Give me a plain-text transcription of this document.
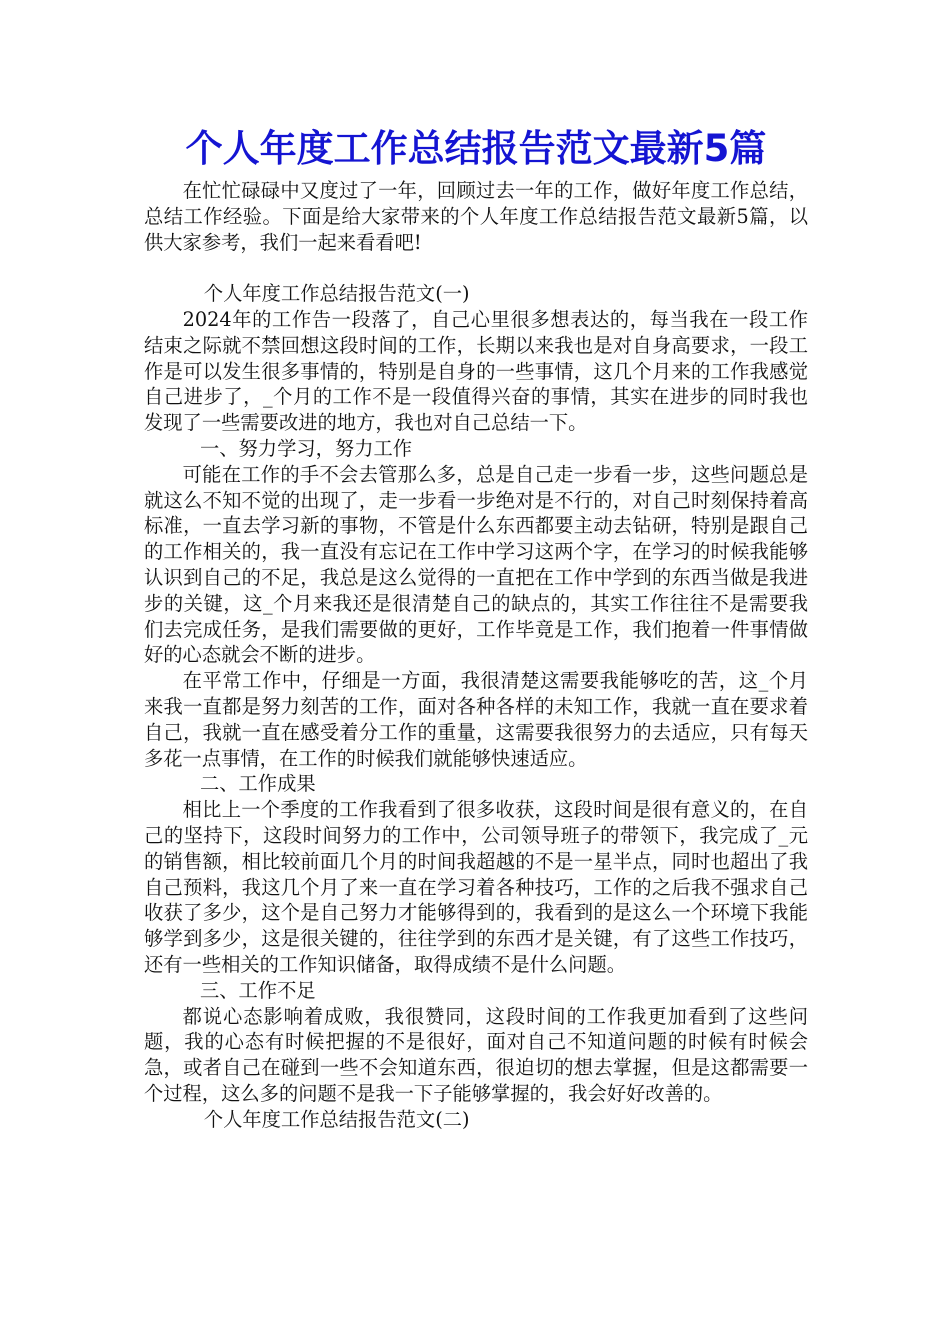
个人年度工作总结报告范文最新5篇

在忙忙碌碌中又度过了一年，回顾过去一年的工作，做好年度工作总结，总结工作经验。下面是给大家带来的个人年度工作总结报告范文最新5篇，以供大家参考，我们一起来看看吧!

个人年度工作总结报告范文(一)

2024年的工作告一段落了，自己心里很多想表达的，每当我在一段工作结束之际就不禁回想这段时间的工作，长期以来我也是对自身高要求，一段工作是可以发生很多事情的，特别是自身的一些事情，这几个月来的工作我感觉自己进步了，_个月的工作不是一段值得兴奋的事情，其实在进步的同时我也发现了一些需要改进的地方，我也对自己总结一下。

一、努力学习，努力工作

可能在工作的手不会去管那么多，总是自己走一步看一步，这些问题总是就这么不知不觉的出现了，走一步看一步绝对是不行的，对自己时刻保持着高标准，一直去学习新的事物，不管是什么东西都要主动去钻研，特别是跟自己的工作相关的，我一直没有忘记在工作中学习这两个字，在学习的时候我能够认识到自己的不足，我总是这么觉得的一直把在工作中学到的东西当做是我进步的关键，这_个月来我还是很清楚自己的缺点的，其实工作往往不是需要我们去完成任务，是我们需要做的更好，工作毕竟是工作，我们抱着一件事情做好的心态就会不断的进步。

在平常工作中，仔细是一方面，我很清楚这需要我能够吃的苦，这_个月来我一直都是努力刻苦的工作，面对各种各样的未知工作，我就一直在要求着自己，我就一直在感受着分工作的重量，这需要我很努力的去适应，只有每天多花一点事情，在工作的时候我们就能够快速适应。

二、工作成果

相比上一个季度的工作我看到了很多收获，这段时间是很有意义的，在自己的坚持下，这段时间努力的工作中，公司领导班子的带领下，我完成了_元的销售额，相比较前面几个月的时间我超越的不是一星半点，同时也超出了我自己预料，我这几个月了来一直在学习着各种技巧，工作的之后我不强求自己收获了多少，这个是自己努力才能够得到的，我看到的是这么一个环境下我能够学到多少，这是很关键的，往往学到的东西才是关键，有了这些工作技巧，还有一些相关的工作知识储备，取得成绩不是什么问题。

三、工作不足

都说心态影响着成败，我很赞同，这段时间的工作我更加看到了这些问题，我的心态有时候把握的不是很好，面对自己不知道问题的时候有时候会急，或者自己在碰到一些不会知道东西，很迫切的想去掌握，但是这都需要一个过程，这么多的问题不是我一下子能够掌握的，我会好好改善的。

个人年度工作总结报告范文(二)
